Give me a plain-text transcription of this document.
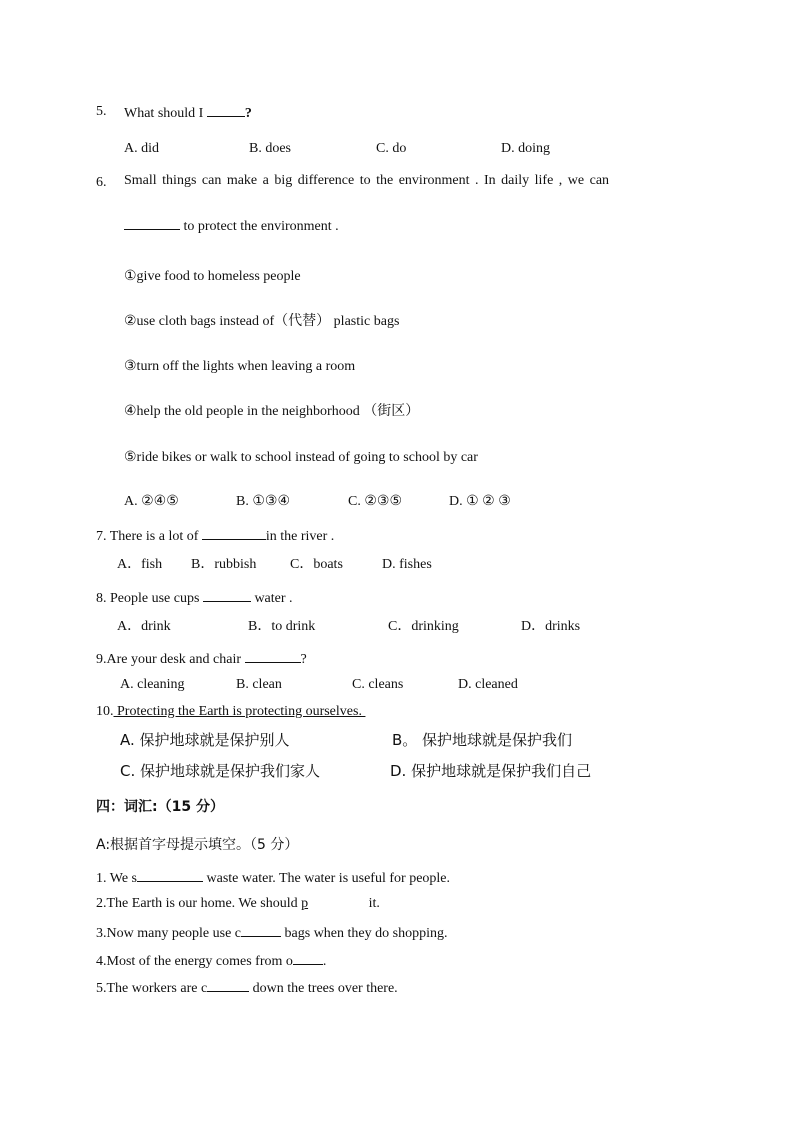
5. What should I	?
A. did	B. does	C. do	D. doing
6. Small things can make a big difference to the environment . In daily life , we can
to protect the environment .
①give food to homeless people
②use cloth bags instead of（代替） plastic bags
③turn off the lights when leaving a room
④help the old people in the neighborhood （街区）
⑤ride bikes or walk to school instead of going to school by car
A. ②④⑤	B. ①③④	C. ②③⑤	D. ① ② ③
7. There is a lot of	in the river .
A．fish B．rubbish C．boats	D. fishes
8. People use cups	water .
A．drink	B．to drink	C．drinking	D．drinks
9.Are your desk and chair	?
A. cleaning	B. clean	C. cleans	D. cleaned
10. Protecting the Earth is protecting ourselves.
A. 保护地球就是保护别人	B。 保护地球就是保护我们
C. 保护地球就是保护我们家人	D. 保护地球就是保护我们自己
四：词汇:（15 分）
A:根据首字母提示填空。（5 分）
1. We s	waste water. The water is useful for people.
2.The Earth is our home. We should p	it.
3.Now many people use c	bags when they do shopping.
4.Most of the energy comes from o .
5.The workers are c	down the trees over there.
